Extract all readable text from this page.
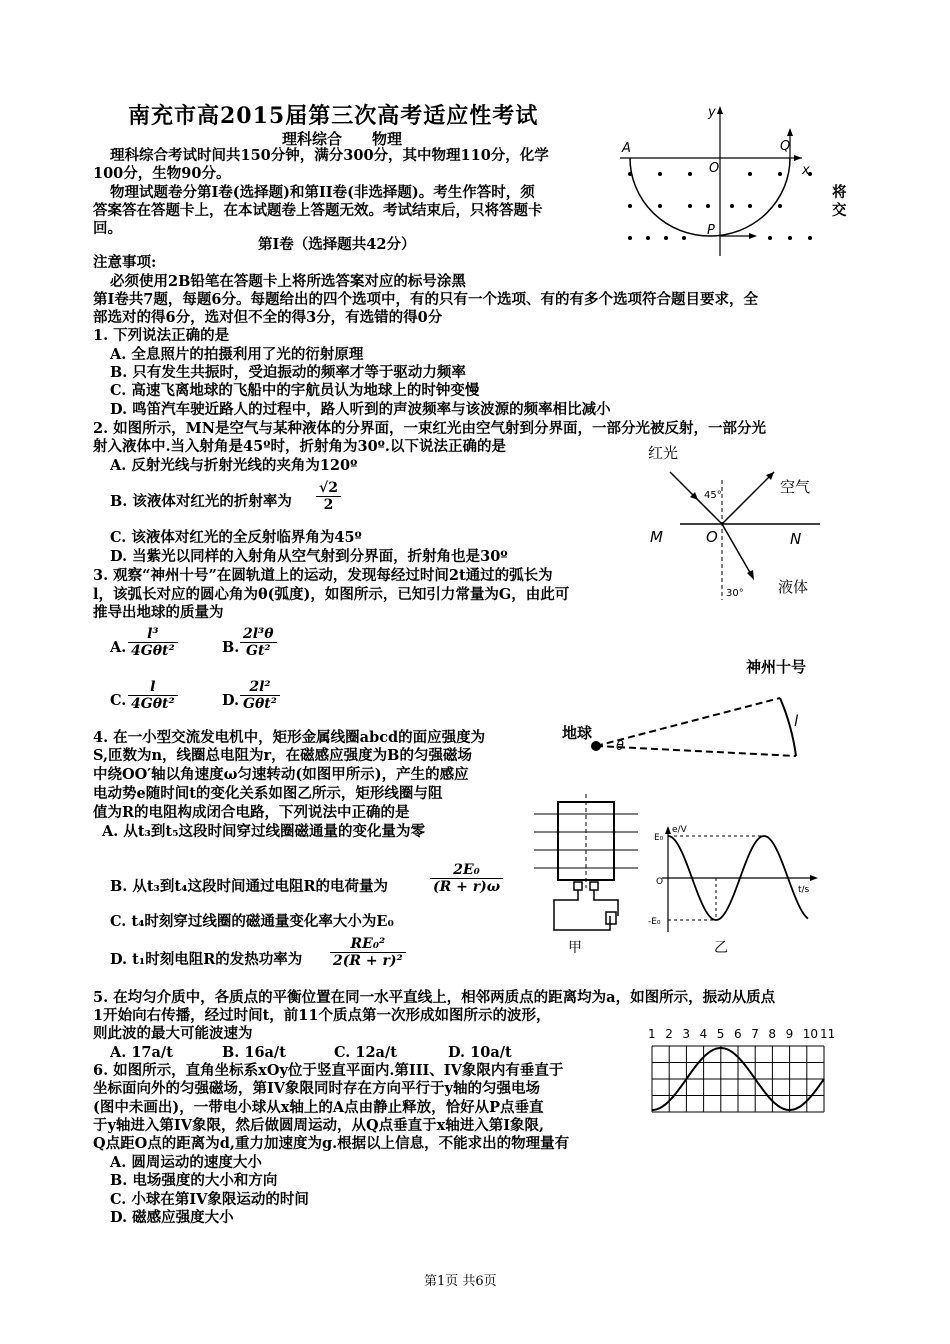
南充市高2015届第三次高考适应性考试
理科综合　　物理
理科综合考试时间共150分钟，满分300分，其中物理110分，化学
100分，生物90分。
物理试题卷分第I卷(选择题)和第II卷(非选择题)。考生作答时，须
答案答在答题卡上，在本试题卷上答题无效。考试结束后，只将答题卡
回。
将
交
y
x
A
O
Q
P
第I卷（选择题共42分）
注意事项:
必须使用2B铅笔在答题卡上将所选答案对应的标号涂黑
第I卷共7题，每题6分。每题给出的四个选项中，有的只有一个选项、有的有多个选项符合题目要求，全
部选对的得6分，选对但不全的得3分，有选错的得0分
1. 下列说法正确的是
A. 全息照片的拍摄利用了光的衍射原理
B. 只有发生共振时，受迫振动的频率才等于驱动力频率
C. 高速飞离地球的飞船中的宇航员认为地球上的时钟变慢
D. 鸣笛汽车驶近路人的过程中，路人听到的声波频率与该波源的频率相比减小
2. 如图所示，MN是空气与某种液体的分界面，一束红光由空气射到分界面，一部分光被反射，一部分光
射入液体中.当入射角是45º时，折射角为30º.以下说法正确的是
A. 反射光线与折射光线的夹角为120º
B. 该液体对红光的折射率为 $\frac{√2}{2}$
C. 该液体对红光的全反射临界角为45º
D. 当紫光以同样的入射角从空气射到分界面，折射角也是30º
红光
空气
液体
M	N
O
45°
30°
3. 观察“神州十号”在圆轨道上的运动，发现每经过时间2t通过的弧长为
l，该弧长对应的圆心角为θ(弧度)，如图所示，已知引力常量为G，由此可
推导出地球的质量为
A.
l³
4Gθt²	B. $\frac{\text{2l³θ}}{\text{Gt²}}$
C.
l
4Gθt²	D.
2l²
Gθt²
地球
神州十号
θ
l
4. 在一小型交流发电机中，矩形金属线圈abcd的面应强度为
S,匝数为n，线圈总电阻为r，在磁感应强度为B的匀强磁场
中绕OO′轴以角速度ω匀速转动(如图甲所示)，产生的感应
电动势e随时间t的变化关系如图乙所示，矩形线圈与阻
值为R的电阻构成闭合电路，下列说法中正确的是
A. 从t₃到t₅这段时间穿过线圈磁通量的变化量为零
B. 从t₃到t₄这段时间通过电阻R的电荷量为	$\frac{\text{2E₀}}{(R + r)\omega}$
C. t₄时刻穿过线圈的磁通量变化率大小为E₀
D. t₁时刻电阻R的发热功率为 $\frac{\text{RE₀²}}{\text{2(R + r)²}}$	甲
e/V
E₀
-E₀
O
t/s
乙
5. 在均匀介质中，各质点的平衡位置在同一水平直线上，相邻两质点的距离均为a，如图所示，振动从质点
1开始向右传播，经过时间t，前11个质点第一次形成如图所示的波形，
则此波的最大可能波速为
A. 17a/t	B. 16a/t	C. 12a/t	D. 10a/t
1 2 3 4 5 6 7 8 9 10 11
6. 如图所示，直角坐标系xOy位于竖直平面内.第III、IV象限内有垂直于
坐标面向外的匀强磁场，第IV象限同时存在方向平行于y轴的匀强电场
(图中未画出)，一带电小球从x轴上的A点由静止释放，恰好从P点垂直
于y轴进入第IV象限，然后做圆周运动，从Q点垂直于x轴进入第I象限,
Q点距O点的距离为d,重力加速度为g.根据以上信息，不能求出的物理量有
A. 圆周运动的速度大小
B. 电场强度的大小和方向
C. 小球在第IV象限运动的时间
D. 磁感应强度大小
第1页 共6页
